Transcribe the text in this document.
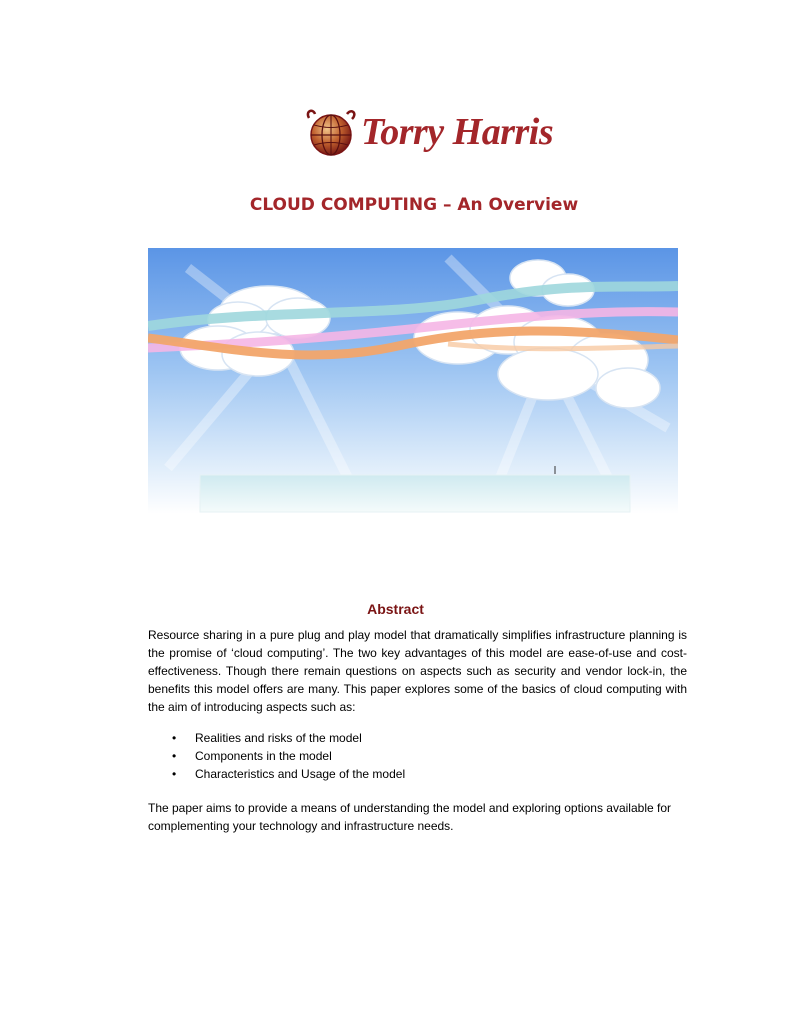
Torry Harris
CLOUD COMPUTING – An Overview
Abstract
Resource sharing in a pure plug and play model that dramatically simplifies infrastructure planning is the promise of ‘cloud computing’. The two key advantages of this model are ease-of-use and cost-effectiveness. Though there remain questions on aspects such as security and vendor lock-in, the benefits this model offers are many. This paper explores some of the basics of cloud computing with the aim of introducing aspects such as:
• Realities and risks of the model
• Components in the model
• Characteristics and Usage of the model
The paper aims to provide a means of understanding the model and exploring options available for complementing your technology and infrastructure needs.
